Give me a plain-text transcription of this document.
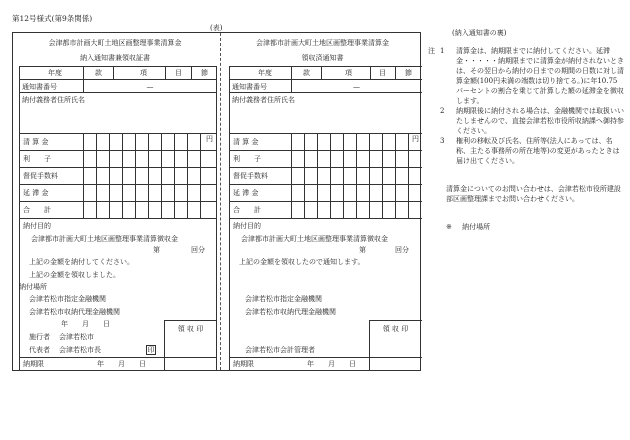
第12号様式(第9条関係)
(表)
(納入通知書の裏)
会津都市計画大町土地区画整理事業清算金
納入通知書兼領収証書
年度	款	項	目	節
通知書番号	—
納付義務者住所氏名
円
清 算 金
利　　子
督促手数料
延 滞 金
合　　計
納付目的
会津都市計画大町土地区画整理事業清算徴収金
第	回分
上記の金額を納付してください。
上記の金額を領収しました。
納付場所
会津若松市指定金融機関
会津若松市収納代理金融機関
年　　月　　日
施行者 会津若松市
代表者 会津若松市長	印
領 収 印
納期限	年　　月　　日
会津都市計画大町土地区画整理事業清算金
領収済通知書
年度	款	項	目	節
通知書番号	—
納付義務者住所氏名
円
清 算 金
利　　子
督促手数料
延 滞 金
合　　計
納付目的
会津都市計画大町土地区画整理事業清算徴収金
第	回分
上記の金額を領収したので通知します。
会津若松市指定金融機関
会津若松市収納代理金融機関
会津若松市会計管理者
領 収 印
納期限	年　　月　　日
注 1 清算金は、納期限までに納付してください。延滞金・・・・・納期限までに清算金が納付されないときは、その翌日から納付の日までの期間の日数に対し清算金額(100円未満の端数は切り捨てる。)に年10.75パーセントの割合を乗じて計算した額の延滞金を徴収します。
2 納期限後に納付される場合は、金融機関では取扱いいたしませんので、直接会津若松市役所収納課へ御持参ください。
3 権利の移転及び氏名、住所等(法人にあっては、名称、主たる事務所の所在地等)の変更があったときは届け出てください。
清算金についてのお問い合わせは、会津若松市役所建設部区画整理課までお問い合わせください。
※ 納付場所
